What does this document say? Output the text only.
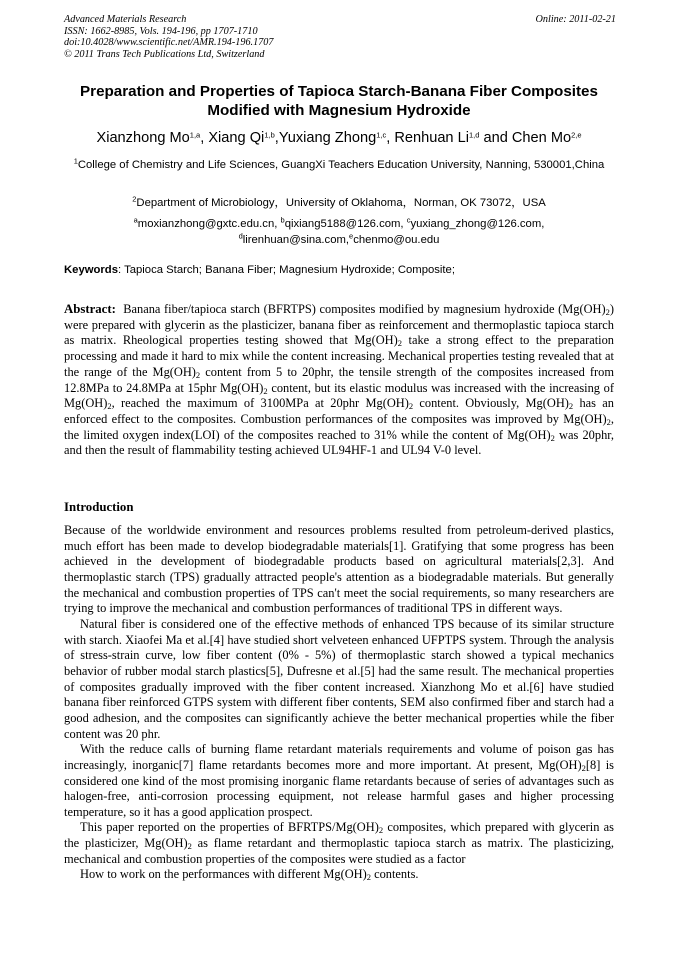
Advanced Materials Research
ISSN: 1662-8985, Vols. 194-196, pp 1707-1710
doi:10.4028/www.scientific.net/AMR.194-196.1707
© 2011 Trans Tech Publications Ltd, Switzerland
Online: 2011-02-21
Preparation and Properties of Tapioca Starch-Banana Fiber Composites
Modified with Magnesium Hydroxide
Xianzhong Mo$^{1,a}$, Xiang Qi$^{1,b}$,Yuxiang Zhong$^{1,c}$, Renhuan Li$^{1,d}$ and Chen Mo$^{2,e}$
$^1$College of Chemistry and Life Sciences, GuangXi Teachers Education University, Nanning, 530001,China
$^2$Department of Microbiology，University of Oklahoma，Norman, OK 73072，USA
$^a$moxianzhong@gxtc.edu.cn, $^b$qixiang5188@126.com, $^c$yuxiang_zhong@126.com,
$^d$lirenhuan@sina.com,$^e$chenmo@ou.edu
Keywords: Tapioca Starch; Banana Fiber; Magnesium Hydroxide; Composite;
Abstract: Banana fiber/tapioca starch (BFRTPS) composites modified by magnesium hydroxide $(Mg(OH)_2)$ were prepared with glycerin as the plasticizer, banana fiber as reinforcement and thermoplastic tapioca starch as matrix. Rheological properties testing showed that $Mg(OH)_2$ take a strong effect to the preparation processing and made it hard to mix while the content increasing. Mechanical properties testing revealed that at the range of the $Mg(OH)_2$ content from 5 to 20phr, the tensile strength of the composites increased from 12.8MPa to 24.8MPa at 15phr $Mg(OH)_2$ content, but its elastic modulus was increased with the increasing of $Mg(OH)_2$, reached the maximum of 3100MPa at 20phr $Mg(OH)_2$ content. Obviously, $Mg(OH)_2$ has an enforced effect to the composites. Combustion performances of the composites was improved by $Mg(OH)_2$, the limited oxygen index(LOI) of the composites reached to 31% while the content of $Mg(OH)_2$ was 20phr, and then the result of flammability testing achieved UL94HF-1 and UL94 V-0 level.
Introduction

Because of the worldwide environment and resources problems resulted from petroleum-derived plastics, much effort has been made to develop biodegradable materials[1]. Gratifying that some progress has been achieved in the development of biodegradable products based on agricultural materials[2,3]. And thermoplastic starch (TPS) gradually attracted people's attention as a biodegradable materials. But generally the mechanical and combustion properties of TPS can't meet the social requirements, so many researchers are trying to improve the mechanical and combustion performances of traditional TPS in different ways.

Natural fiber is considered one of the effective methods of enhanced TPS because of its similar structure with starch. Xiaofei Ma et al.[4] have studied short velveteen enhanced UFPTPS system. Through the analysis of stress-strain curve, low fiber content (0% - 5%) of thermoplastic starch showed a typical mechanics behavior of rubber modal starch plastics[5], Dufresne et al.[5] had the same result. The mechanical properties of composites gradually improved with the fiber content increased. Xianzhong Mo et al.[6] have studied banana fiber reinforced GTPS system with different fiber contents, SEM also confirmed fiber and starch had a good adhesion, and the composites can significantly achieve the better mechanical properties while the fiber content was 20 phr.

With the reduce calls of burning flame retardant materials requirements and volume of poison gas has increasingly, inorganic[7] flame retardants becomes more and more important. At present, $Mg(OH)_2[8]$ is considered one kind of the most promising inorganic flame retardants because of series of advantages such as halogen-free, anti-corrosion processing equipment, not release harmful gases and higher processing temperature, so it has a good application prospect.

This paper reported on the properties of BFRTPS/$Mg(OH)_2$ composites, which prepared with glycerin as the plasticizer, $Mg(OH)_2$ as flame retardant and thermoplastic tapioca starch as matrix. The plasticizing, mechanical and combustion properties of the composites were studied as a factor

How to work on the performances with different $Mg(OH)_2$ contents.
